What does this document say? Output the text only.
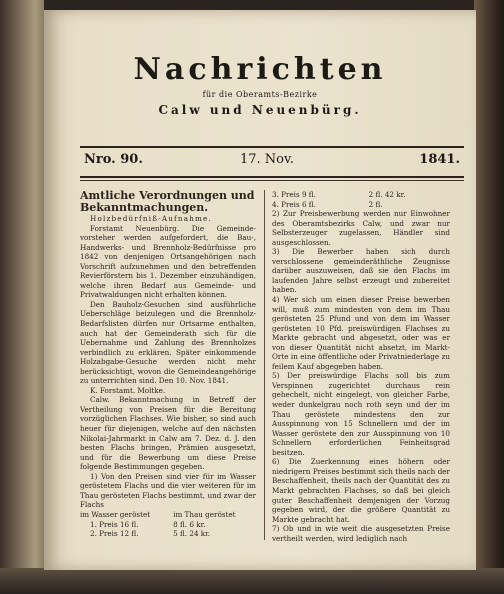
Nachrichten
für die Oberamts-Bezirke
Calw und Neuenbürg.
Nro. 90.	17. Nov.	1841.

Amtliche Verordnungen und Bekanntmachungen.

Holzbedürfniß-Aufnahme.

Forstamt Neuenbürg. Die Gemeinde-vorsteher werden aufgefordert, die Bau-, Handwerks- und Brennholz-Bedürfnisse pro 1842 von denjenigen Ortsangehörigen nach Vorschrift aufzunehmen und den betreffenden Revierförstern bis 1. Dezember einzuhändigen, welche ihren Bedarf aus Gemeinde- und Privatwaldungen nicht erhalten können.

Den Bauholz-Gesuchen sind ausführliche Ueberschläge beizulegen und die Brennholz-Bedarfslisten dürfen nur Ortsarme enthalten, auch hat der Gemeinderath sich für die Uebernahme und Zahlung des Brennholzes verbindlich zu erklären. Später einkommende Holzabgabe-Gesuche werden nicht mehr berücksichtigt, wovon die Gemeindeangehörige zu unterrichten sind. Den 10. Nov. 1841.

K. Forstamt. Moltke.

Calw. Bekanntmachung in Betreff der Vertheilung von Preisen für die Bereitung vorzüglichen Flachses. Wie bisher, so sind auch heuer für diejenigen, welche auf den nächsten Nikolai-Jahrmarkt in Calw am 7. Dez. d. J. den besten Flachs bringen, Prämien ausgesetzt, und für die Bewerbung um diese Preise folgende Bestimmungen gegeben.

1) Von den Preisen sind vier für im Wasser geröstetem Flachs und die vier weiteren für im Thau gerösteten Flachs bestimmt, und zwar der Flachs

im Wasser geröstet	im Thau geröstet
1. Preis 16 fl.	8 fl. 6 kr.
2. Preis 12 fl.	5 fl. 24 kr.
3. Preis 9 fl.	2 fl. 42 kr.
4. Preis 6 fl.	2 fl.

2) Zur Preisbewerbung werden nur Einwohner des Oberamtsbezirks Calw, und zwar nur Selbsterzeuger zugelassen, Händler sind ausgeschlossen.

3) Die Bewerber haben sich durch verschlossene gemeinderäthliche Zeugnisse darüber auszuweisen, daß sie den Flachs im laufenden Jahre selbst erzeugt und zubereitet haben.

4) Wer sich um einen dieser Preise bewerben will, muß zum mindesten von dem im Thau gerösteten 25 Pfund und von dem im Wasser gerösteten 10 Pfd. preiswürdigen Flachses zu Markte gebracht und abgesetzt, oder was er von dieser Quantität nicht absetzt, im Markt-Orte in eine öffentliche oder Privatniederlage zu feilem Kauf abgegeben haben.

5) Der preiswürdige Flachs soll bis zum Verspinnen zugerichtet durchaus rein gehechelt, nicht eingelegt, von gleicher Farbe, weder dunkelgrau noch roth seyn und der im Thau geröstete mindestens den zur Ausspinnung von 15 Schnellern und der im Wasser geröstete den zur Ausspinnung von 10 Schnellern erforderlichen Feinheitsgrad besitzen.

6) Die Zuerkennung eines höhern oder niedrigern Preises bestimmt sich theils nach der Beschaffenheit, theils nach der Quantität des zu Markt gebrachten Flachses, so daß bei gleich guter Beschaffenheit demjenigen der Vorzug gegeben wird, der die größere Quantität zu Markte gebracht hat.

7) Ob und in wie weit die ausgesetzten Preise vertheilt werden, wird lediglich nach
